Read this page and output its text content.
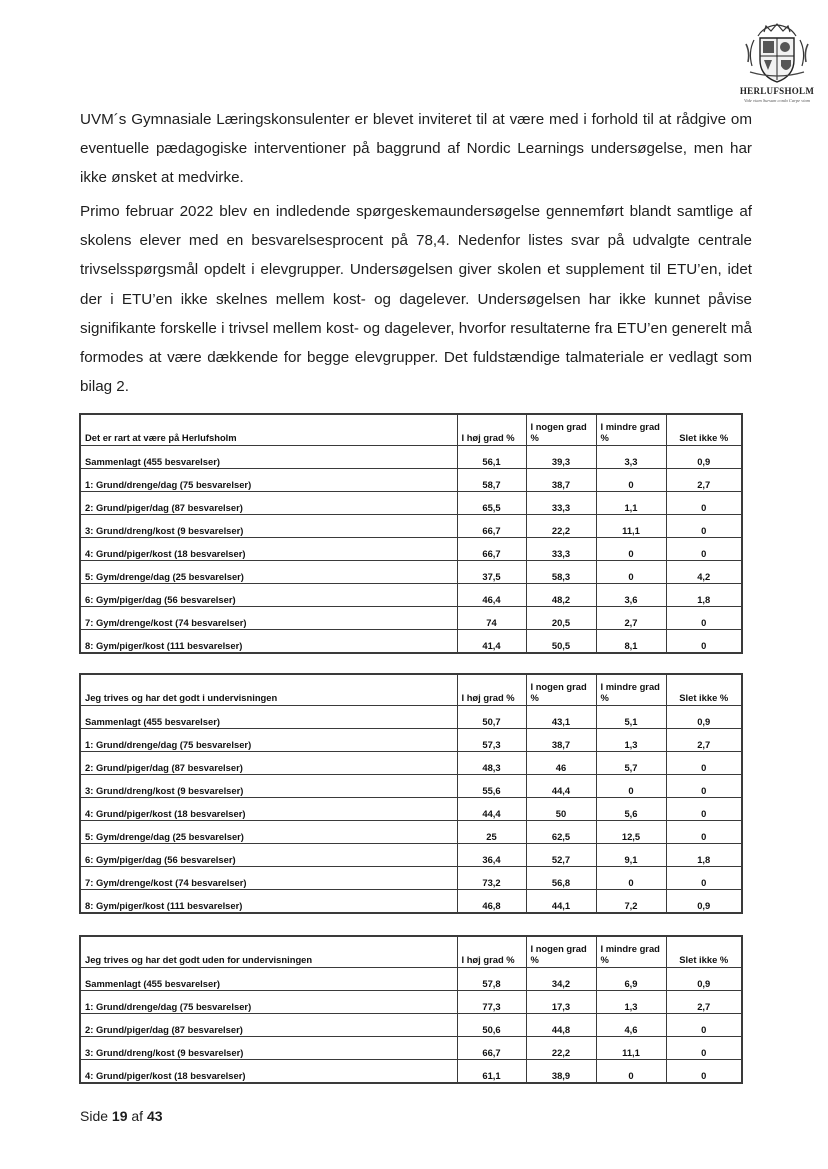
HERLUFSHOLM
Vide viam Sursum corda Carpe viam

UVM´s Gymnasiale Læringskonsulenter er blevet inviteret til at være med i forhold til at rådgive om eventuelle pædagogiske interventioner på baggrund af Nordic Learnings undersøgelse, men har ikke ønsket at medvirke.

Primo februar 2022 blev en indledende spørgeskemaundersøgelse gennemført blandt samtlige af skolens elever med en besvarelsesprocent på 78,4. Nedenfor listes svar på udvalgte centrale trivselsspørgsmål opdelt i elevgrupper. Undersøgelsen giver skolen et supplement til ETU’en, idet der i ETU’en ikke skelnes mellem kost- og dagelever. Undersøgelsen har ikke kunnet påvise signifikante forskelle i trivsel mellem kost- og dagelever, hvorfor resultaterne fra ETU’en generelt må formodes at være dækkende for begge elevgrupper. Det fuldstændige talmateriale er vedlagt som bilag 2.

Det er rart at være på Herlufsholm	I høj grad %	I nogen grad %	I mindre grad %	Slet ikke %
Sammenlagt (455 besvarelser)	56,1	39,3	3,3	0,9
1: Grund/drenge/dag (75 besvarelser)	58,7	38,7	0	2,7
2: Grund/piger/dag (87 besvarelser)	65,5	33,3	1,1	0
3: Grund/dreng/kost (9 besvarelser)	66,7	22,2	11,1	0
4: Grund/piger/kost (18 besvarelser)	66,7	33,3	0	0
5: Gym/drenge/dag (25 besvarelser)	37,5	58,3	0	4,2
6: Gym/piger/dag (56 besvarelser)	46,4	48,2	3,6	1,8
7: Gym/drenge/kost (74 besvarelser)	74	20,5	2,7	0
8: Gym/piger/kost (111 besvarelser)	41,4	50,5	8,1	0
Jeg trives og har det godt i undervisningen	I høj grad %	I nogen grad %	I mindre grad %	Slet ikke %
Sammenlagt (455 besvarelser)	50,7	43,1	5,1	0,9
1: Grund/drenge/dag (75 besvarelser)	57,3	38,7	1,3	2,7
2: Grund/piger/dag (87 besvarelser)	48,3	46	5,7	0
3: Grund/dreng/kost (9 besvarelser)	55,6	44,4	0	0
4: Grund/piger/kost (18 besvarelser)	44,4	50	5,6	0
5: Gym/drenge/dag (25 besvarelser)	25	62,5	12,5	0
6: Gym/piger/dag (56 besvarelser)	36,4	52,7	9,1	1,8
7: Gym/drenge/kost (74 besvarelser)	73,2	56,8	0	0
8: Gym/piger/kost (111 besvarelser)	46,8	44,1	7,2	0,9
Jeg trives og har det godt uden for undervisningen	I høj grad %	I nogen grad %	I mindre grad %	Slet ikke %
Sammenlagt (455 besvarelser)	57,8	34,2	6,9	0,9
1: Grund/drenge/dag (75 besvarelser)	77,3	17,3	1,3	2,7
2: Grund/piger/dag (87 besvarelser)	50,6	44,8	4,6	0
3: Grund/dreng/kost (9 besvarelser)	66,7	22,2	11,1	0
4: Grund/piger/kost (18 besvarelser)	61,1	38,9	0	0
Side 19 af 43
